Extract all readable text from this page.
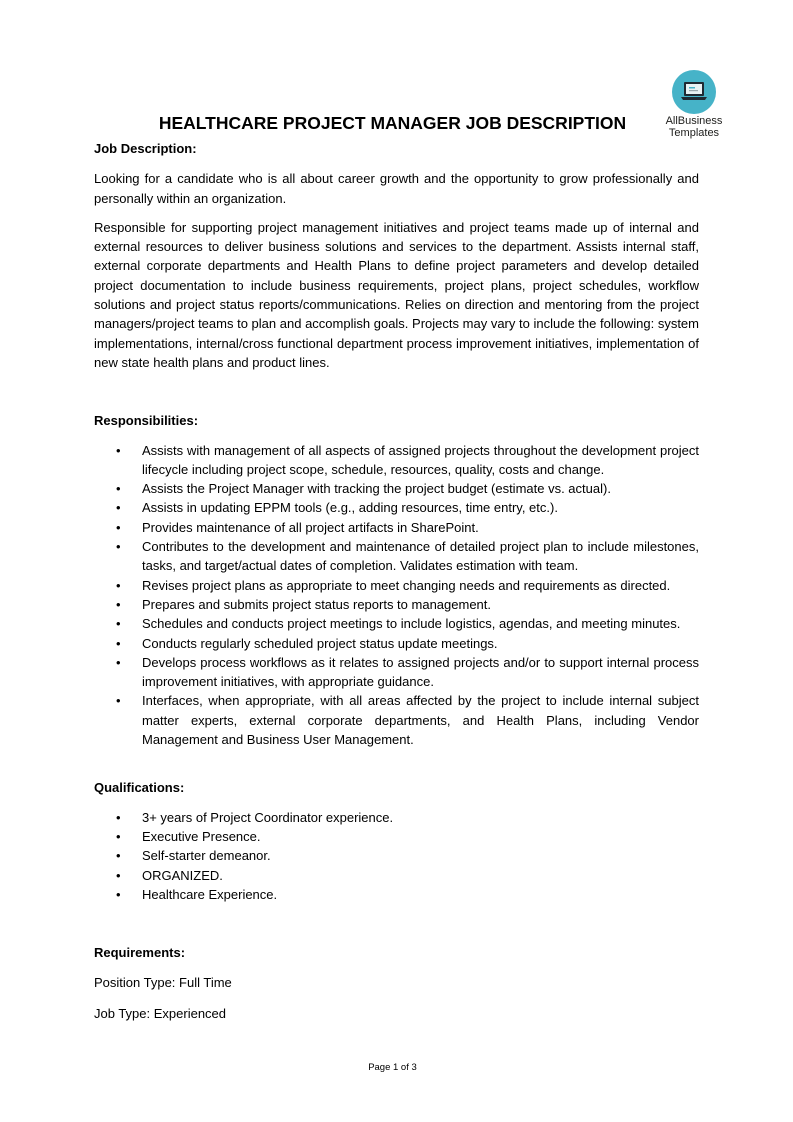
AllBusiness
Templates
HEALTHCARE PROJECT MANAGER JOB DESCRIPTION

Job Description:

Looking for a candidate who is all about career growth and the opportunity to grow professionally and personally within an organization.

Responsible for supporting project management initiatives and project teams made up of internal and external resources to deliver business solutions and services to the department. Assists internal staff, external corporate departments and Health Plans to define project parameters and develop detailed project documentation to include business requirements, project plans, project schedules, workflow solutions and project status reports/communications. Relies on direction and mentoring from the project managers/project teams to plan and accomplish goals. Projects may vary to include the following: system implementations, internal/cross functional department process improvement initiatives, implementation of new state health plans and product lines.

Responsibilities:

• Assists with management of all aspects of assigned projects throughout the development project lifecycle including project scope, schedule, resources, quality, costs and change.
• Assists the Project Manager with tracking the project budget (estimate vs. actual).
• Assists in updating EPPM tools (e.g., adding resources, time entry, etc.).
• Provides maintenance of all project artifacts in SharePoint.
• Contributes to the development and maintenance of detailed project plan to include milestones, tasks, and target/actual dates of completion. Validates estimation with team.
• Revises project plans as appropriate to meet changing needs and requirements as directed.
• Prepares and submits project status reports to management.
• Schedules and conducts project meetings to include logistics, agendas, and meeting minutes.
• Conducts regularly scheduled project status update meetings.
• Develops process workflows as it relates to assigned projects and/or to support internal process improvement initiatives, with appropriate guidance.
• Interfaces, when appropriate, with all areas affected by the project to include internal subject matter experts, external corporate departments, and Health Plans, including Vendor Management and Business User Management.

Qualifications:

• 3+ years of Project Coordinator experience.
• Executive Presence.
• Self-starter demeanor.
• ORGANIZED.
• Healthcare Experience.

Requirements:

Position Type: Full Time

Job Type: Experienced

Page 1 of 3
